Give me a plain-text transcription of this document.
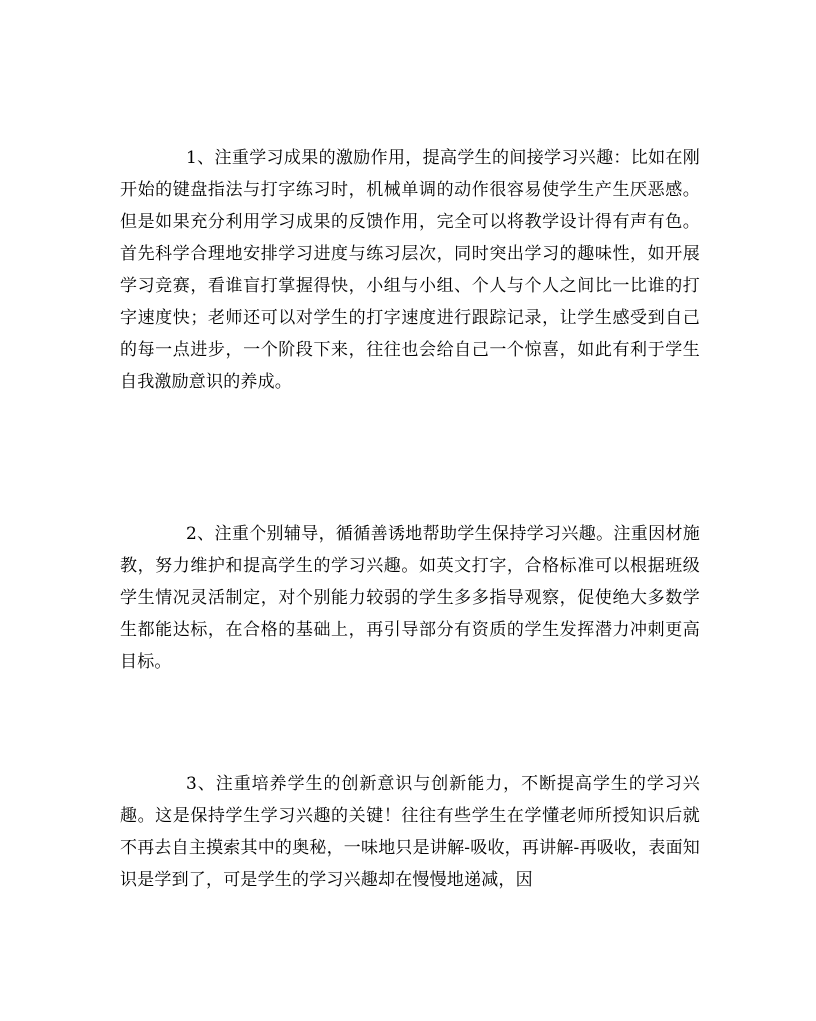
1、注重学习成果的激励作用，提高学生的间接学习兴趣：比如在刚开始的键盘指法与打字练习时，机械单调的动作很容易使学生产生厌恶感。但是如果充分利用学习成果的反馈作用，完全可以将教学设计得有声有色。首先科学合理地安排学习进度与练习层次，同时突出学习的趣味性，如开展学习竞赛，看谁盲打掌握得快，小组与小组、个人与个人之间比一比谁的打字速度快；老师还可以对学生的打字速度进行跟踪记录，让学生感受到自己的每一点进步，一个阶段下来，往往也会给自己一个惊喜，如此有利于学生自我激励意识的养成。

2、注重个别辅导，循循善诱地帮助学生保持学习兴趣。注重因材施教，努力维护和提高学生的学习兴趣。如英文打字，合格标准可以根据班级学生情况灵活制定，对个别能力较弱的学生多多指导观察，促使绝大多数学生都能达标，在合格的基础上，再引导部分有资质的学生发挥潜力冲刺更高目标。

3、注重培养学生的创新意识与创新能力，不断提高学生的学习兴趣。这是保持学生学习兴趣的关键！往往有些学生在学懂老师所授知识后就不再去自主摸索其中的奥秘，一味地只是讲解-吸收，再讲解-再吸收，表面知识是学到了，可是学生的学习兴趣却在慢慢地递减，因
